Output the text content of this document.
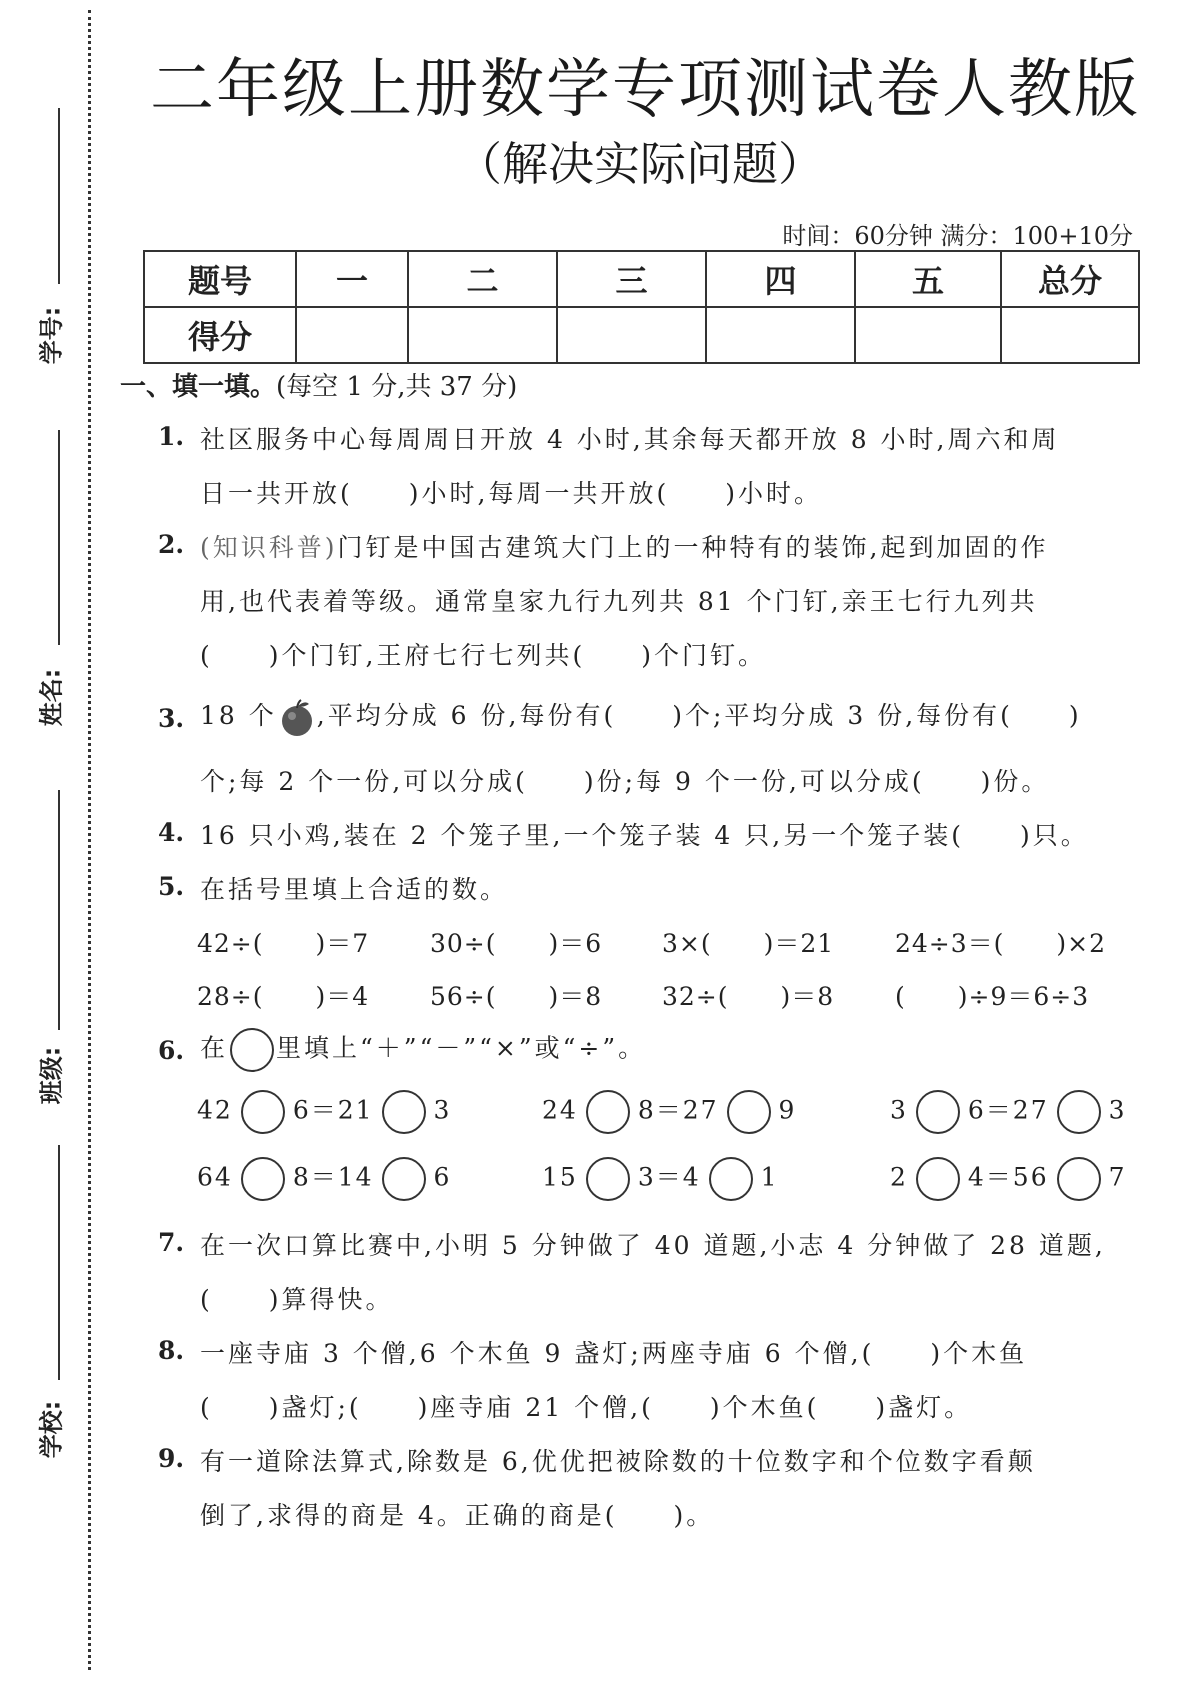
学号:
姓名:
班级:
学校:
二年级上册数学专项测试卷人教版
（解决实际问题）
时间：60分钟 满分：100+10分
题号	一	二	三	四	五	总分
得分						
一、填一填。(每空 1 分,共 37 分)
1. 社区服务中心每周周日开放 4 小时,其余每天都开放 8 小时,周六和周
日一共开放(　　)小时,每周一共开放(　　)小时。
2. (知识科普)门钉是中国古建筑大门上的一种特有的装饰,起到加固的作
用,也代表着等级。通常皇家九行九列共 81 个门钉,亲王七行九列共
(　　)个门钉,王府七行七列共(　　)个门钉。
3. 18 个 ,平均分成 6 份,每份有(　　)个;平均分成 3 份,每份有(　　)
个;每 2 个一份,可以分成(　　)份;每 9 个一份,可以分成(　　)份。
4. 16 只小鸡,装在 2 个笼子里,一个笼子装 4 只,另一个笼子装(　　)只。
5. 在括号里填上合适的数。
42÷(　　)＝7 30÷(　　)＝6 3×(　　)＝21 24÷3＝(　　)×2
28÷(　　)＝4 56÷(　　)＝8 32÷(　　)＝8 (　　)÷9＝6÷3
6. 在 里填上“＋”“－”“×”或“÷”。
42 6＝21 3	24 8＝27 9	3 6＝27 3
64 8＝14 6	15 3＝4 1	2 4＝56 7
7. 在一次口算比赛中,小明 5 分钟做了 40 道题,小志 4 分钟做了 28 道题,
(　　)算得快。
8. 一座寺庙 3 个僧,6 个木鱼 9 盏灯;两座寺庙 6 个僧,(　　)个木鱼
(　　)盏灯;(　　)座寺庙 21 个僧,(　　)个木鱼(　　)盏灯。
9. 有一道除法算式,除数是 6,优优把被除数的十位数字和个位数字看颠
倒了,求得的商是 4。正确的商是(　　)。
